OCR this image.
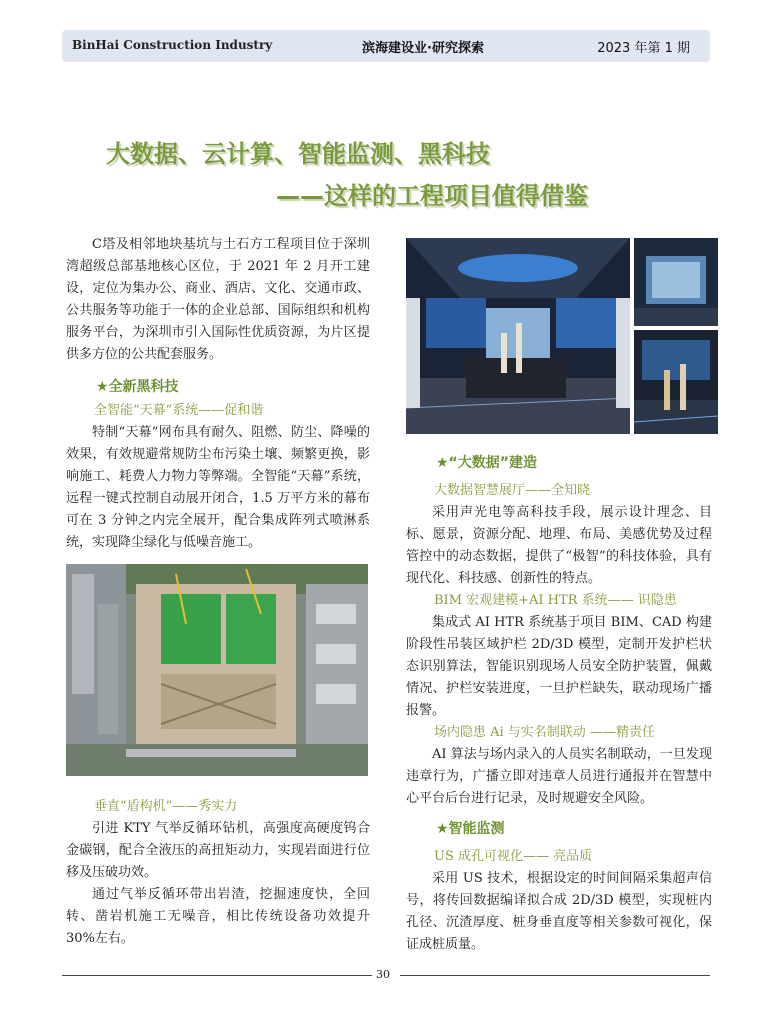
BinHai Construction Industry	滨海建设业·研究探索	2023 年第 1 期
大数据、云计算、智能监测、黑科技
——这样的工程项目值得借鉴

C塔及相邻地块基坑与土石方工程项目位于深圳湾超级总部基地核心区位，于 2021 年 2 月开工建设，定位为集办公、商业、酒店、文化、交通市政、公共服务等功能于一体的企业总部、国际组织和机构服务平台，为深圳市引入国际性优质资源，为片区提供多方位的公共配套服务。

★全新黑科技

全智能“天幕”系统——促和谐

特制“天幕”网布具有耐久、阻燃、防尘、降噪的效果，有效规避常规防尘布污染土壤、频繁更换，影响施工、耗费人力物力等弊端。全智能“天幕”系统，远程一键式控制自动展开闭合，1.5 万平方米的幕布可在 3 分钟之内完全展开，配合集成阵列式喷淋系统，实现降尘绿化与低噪音施工。

垂直“盾构机”——秀实力

引进 KTY 气举反循环钻机，高强度高硬度钨合金碳钢，配合全液压的高扭矩动力，实现岩面进行位移及压破功效。

通过气举反循环带出岩渣，挖掘速度快，全回转、凿岩机施工无噪音，相比传统设备功效提升 30%左右。

★“大数据”建造

大数据智慧展厅——全知晓

采用声光电等高科技手段，展示设计理念、目标、愿景，资源分配、地理、布局、美感优势及过程管控中的动态数据，提供了“极智”的科技体验，具有现代化、科技感、创新性的特点。

BIM 宏观建模+AI HTR 系统—— 识隐患

集成式 AI HTR 系统基于项目 BIM、CAD 构建阶段性吊装区域护栏 2D/3D 模型，定制开发护栏状态识别算法，智能识别现场人员安全防护装置，佩戴情况、护栏安装进度，一旦护栏缺失，联动现场广播报警。

场内隐患 Ai 与实名制联动 ——精责任

AI 算法与场内录入的人员实名制联动，一旦发现违章行为，广播立即对违章人员进行通报并在智慧中心平台后台进行记录，及时规避安全风险。

★智能监测

US 成孔可视化—— 亮品质

采用 US 技术，根据设定的时间间隔采集超声信号，将传回数据编译拟合成 2D/3D 模型，实现桩内孔径、沉渣厚度、桩身垂直度等相关参数可视化，保证成桩质量。

30
